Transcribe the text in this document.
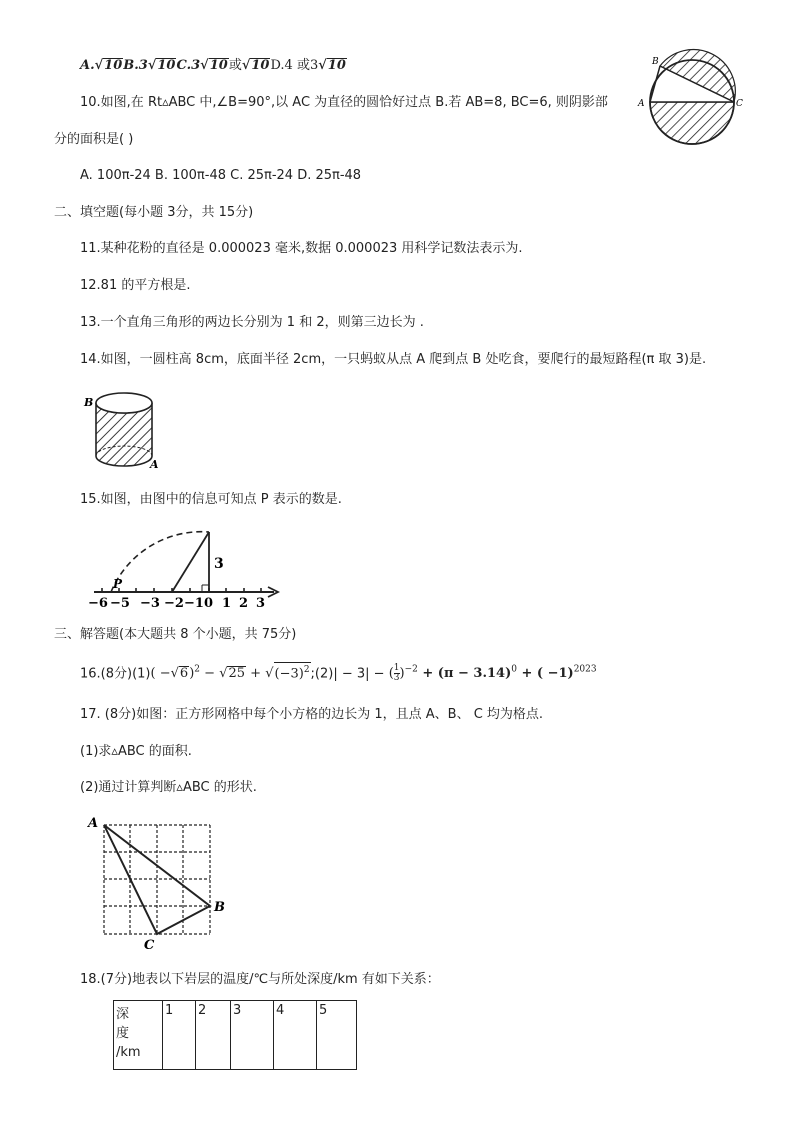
A.√10B.3√10C.3√10或√10D.4 或3√10	B
A	C
10.如图,在 Rt▵ABC 中,∠B=90°,以 AC 为直径的圆恰好过点 B.若 AB=8, BC=6, 则阴影部
分的面积是( )
A. 100π-24 B. 100π-48 C. 25π-24 D. 25π-48
二、填空题(每小题 3分，共 15分)
11.某种花粉的直径是 0.000023 毫米,数据 0.000023 用科学记数法表示为.
12.81 的平方根是.
13.一个直角三角形的两边长分别为 1 和 2，则第三边长为 .
14.如图，一圆柱高 8cm，底面半径 2cm，一只蚂蚁从点 A 爬到点 B 处吃食，要爬行的最短路程(π 取 3)是.
B
A
15.如图，由图中的信息可知点 P 表示的数是.
P
3
−6 −5 −3 −2 −1 0 1 2 3
三、解答题(本大题共 8 个小题，共 75分)
16.(8分)$(1)( -√6)^2 - √25$ + $√(-3)^2;(2)| - 3|$ − ( $\frac{1}{3} )^{-2} + (\pi - 3.14)^0$ + ( −1)$^{2023}$
17. (8分)如图：正方形网格中每个小方格的边长为 1，且点 A、B、 C 均为格点.
(1)求▵ABC 的面积.
(2)通过计算判断▵ABC 的形状.
A
B
C
18.(7分)地表以下岩层的温度/℃与所处深度/km 有如下关系：
深　度
/km
	1	2	3	4	5
